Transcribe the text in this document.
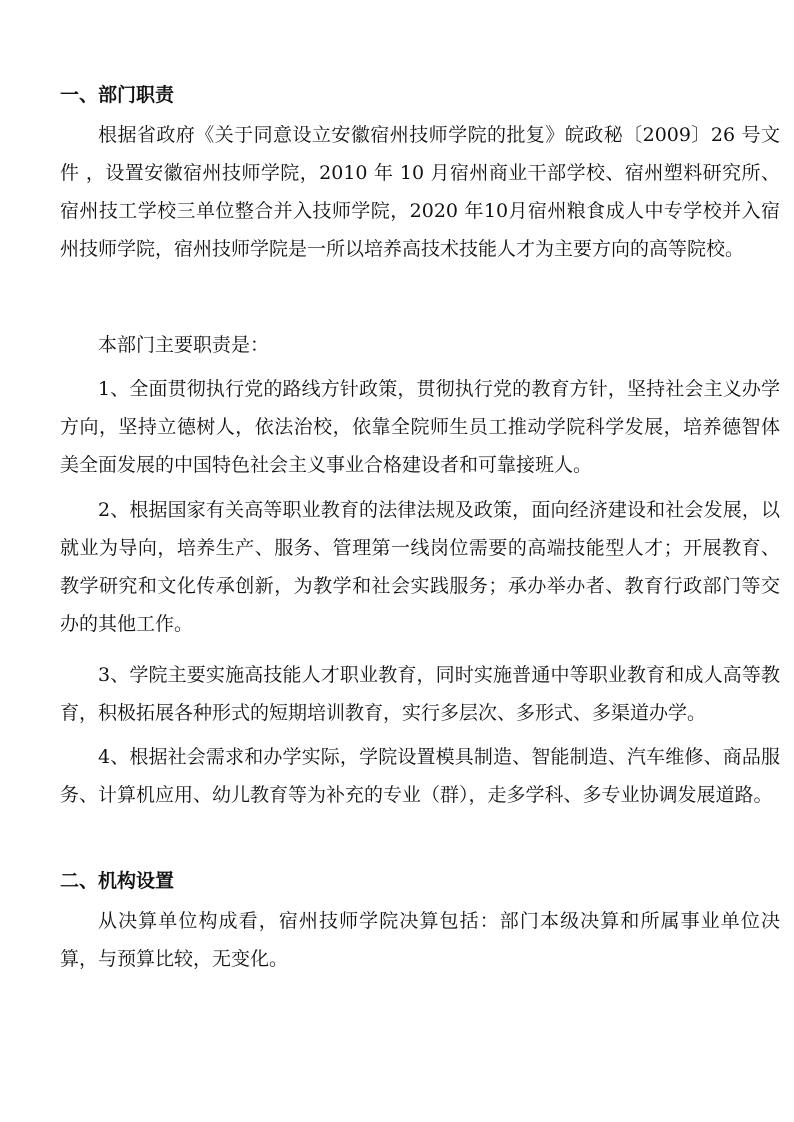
一、部门职责
根据省政府《关于同意设立安徽宿州技师学院的批复》皖政秘〔2009〕26 号文件 ，设置安徽宿州技师学院，2010 年 10 月宿州商业干部学校、宿州塑料研究所、宿州技工学校三单位整合并入技师学院，2020 年10月宿州粮食成人中专学校并入宿州技师学院，宿州技师学院是一所以培养高技术技能人才为主要方向的高等院校。
本部门主要职责是：
1、全面贯彻执行党的路线方针政策，贯彻执行党的教育方针，坚持社会主义办学方向，坚持立德树人，依法治校，依靠全院师生员工推动学院科学发展，培养德智体美全面发展的中国特色社会主义事业合格建设者和可靠接班人。
2、根据国家有关高等职业教育的法律法规及政策，面向经济建设和社会发展，以就业为导向，培养生产、服务、管理第一线岗位需要的高端技能型人才；开展教育、教学研究和文化传承创新，为教学和社会实践服务；承办举办者、教育行政部门等交办的其他工作。
3、学院主要实施高技能人才职业教育，同时实施普通中等职业教育和成人高等教育，积极拓展各种形式的短期培训教育，实行多层次、多形式、多渠道办学。
4、根据社会需求和办学实际，学院设置模具制造、智能制造、汽车维修、商品服务、计算机应用、幼儿教育等为补充的专业（群），走多学科、多专业协调发展道路。
二、机构设置
从决算单位构成看，宿州技师学院决算包括：部门本级决算和所属事业单位决算，与预算比较，无变化。
